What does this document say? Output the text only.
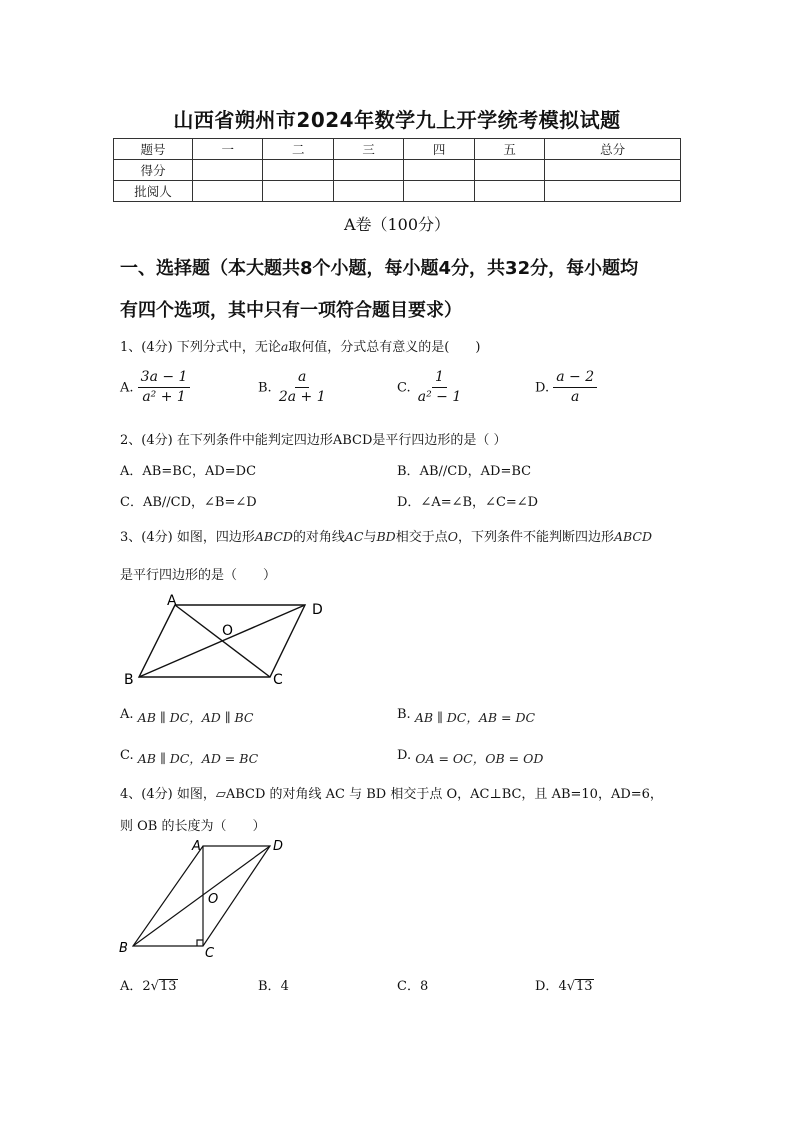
山西省朔州市2024年数学九上开学统考模拟试题
题号	一	二	三	四	五	总分
得分						
批阅人						
A卷（100分）
一、选择题（本大题共8个小题，每小题4分，共32分，每小题均
有四个选项，其中只有一项符合题目要求）
1、(4分) 下列分式中，无论a取何值，分式总有意义的是(　　)
A. $\frac{3a - 1}{\text{a² + 1}}$	B. $\frac{a}{2a + 1}$	C. $\frac{1}{\text{a² − 1}}$	D. $\frac{a - 2}{a}$
2、(4分) 在下列条件中能判定四边形ABCD是平行四边形的是（ ）
A．AB=BC，AD=DC	B．AB//CD，AD=BC
C．AB//CD，∠B=∠D	D．∠A=∠B，∠C=∠D
3、(4分) 如图，四边形ABCD的对角线AC与BD相交于点O，下列条件不能判断四边形ABCD
是平行四边形的是（　　）
A
D
B	C
O
A. AB ∥ DC，AD ∥ BC	B. AB ∥ DC，AB = DC
C. AB ∥ DC，AD = BC	D. OA = OC，OB = OD
4、(4分) 如图，▱ABCD 的对角线 AC 与 BD 相交于点 O，AC⊥BC，且 AB=10，AD=6，
则 OB 的长度为（　　）
A	D
B	C
O
A．2√13	B．4	C．8	D．4√13
